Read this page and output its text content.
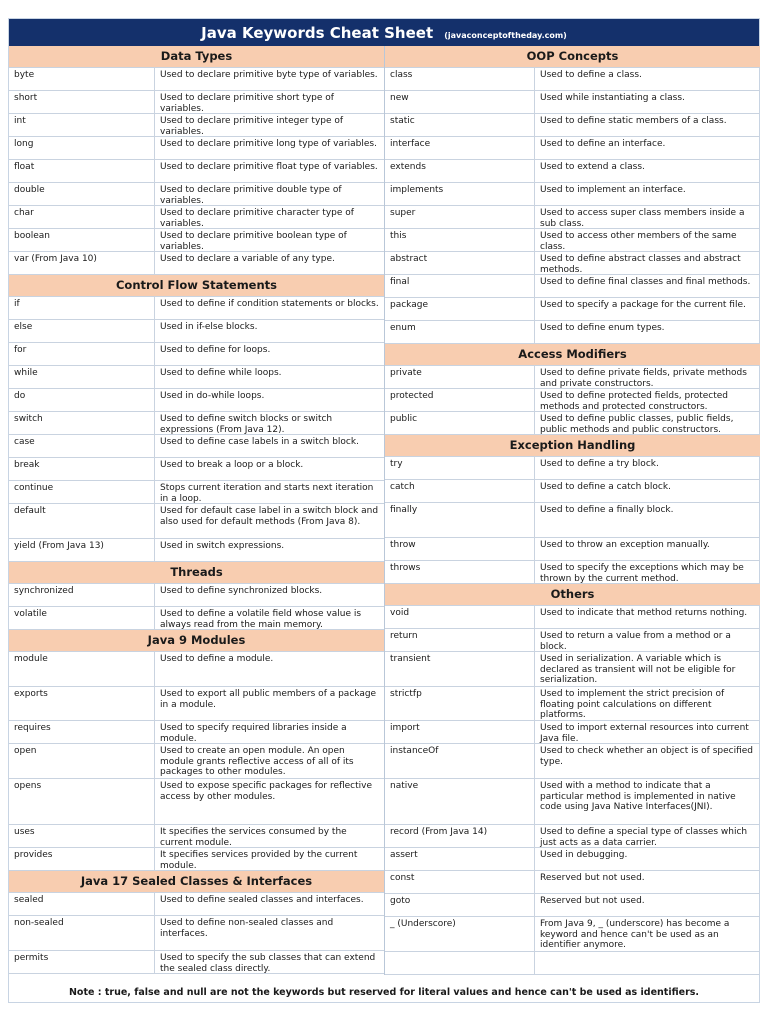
Java Keywords Cheat Sheet (javaconceptoftheday.com)
Data Types
byte	Used to declare primitive byte type of variables.
short	Used to declare primitive short type of variables.
int	Used to declare primitive integer type of variables.
long	Used to declare primitive long type of variables.
float	Used to declare primitive float type of variables.
double	Used to declare primitive double type of variables.
char	Used to declare primitive character type of variables.
boolean	Used to declare primitive boolean type of variables.
var (From Java 10)	Used to declare a variable of any type.
Control Flow Statements
if	Used to define if condition statements or blocks.
else	Used in if-else blocks.
for	Used to define for loops.
while	Used to define while loops.
do	Used in do-while loops.
switch	Used to define switch blocks or switch expressions (From Java 12).
case	Used to define case labels in a switch block.
break	Used to break a loop or a block.
continue	Stops current iteration and starts next iteration in a loop.
default	Used for default case label in a switch block and also used for default methods (From Java 8).
yield (From Java 13)	Used in switch expressions.
Threads
synchronized	Used to define synchronized blocks.
volatile	Used to define a volatile field whose value is always read from the main memory.
Java 9 Modules
module	Used to define a module.
exports	Used to export all public members of a package in a module.
requires	Used to specify required libraries inside a module.
open	Used to create an open module. An open module grants reflective access of all of its packages to other modules.
opens	Used to expose specific packages for reflective access by other modules.
uses	It specifies the services consumed by the current module.
provides	It specifies services provided by the current module.
Java 17 Sealed Classes & Interfaces
sealed	Used to define sealed classes and interfaces.
non-sealed	Used to define non-sealed classes and interfaces.
permits	Used to specify the sub classes that can extend the sealed class directly.
OOP Concepts
class	Used to define a class.
new	Used while instantiating a class.
static	Used to define static members of a class.
interface	Used to define an interface.
extends	Used to extend a class.
implements	Used to implement an interface.
super	Used to access super class members inside a sub class.
this	Used to access other members of the same class.
abstract	Used to define abstract classes and abstract methods.
final	Used to define final classes and final methods.
package	Used to specify a package for the current file.
enum	Used to define enum types.
Access Modifiers
private	Used to define private fields, private methods and private constructors.
protected	Used to define protected fields, protected methods and protected constructors.
public	Used to define public classes, public fields, public methods and public constructors.
Exception Handling
try	Used to define a try block.
catch	Used to define a catch block.
finally	Used to define a finally block.
throw	Used to throw an exception manually.
throws	Used to specify the exceptions which may be thrown by the current method.
Others
void	Used to indicate that method returns nothing.
return	Used to return a value from a method or a block.
transient	Used in serialization. A variable which is declared as transient will not be eligible for serialization.
strictfp	Used to implement the strict precision of floating point calculations on different platforms.
import	Used to import external resources into current Java file.
instanceOf	Used to check whether an object is of specified type.
native	Used with a method to indicate that a particular method is implemented in native code using Java Native Interfaces(JNI).
record (From Java 14)	Used to define a special type of classes which just acts as a data carrier.
assert	Used in debugging.
const	Reserved but not used.
goto	Reserved but not used.
_ (Underscore)	From Java 9, _ (underscore) has become a keyword and hence can't be used as an identifier anymore.
Note : true, false and null are not the keywords but reserved for literal values and hence can't be used as identifiers.
